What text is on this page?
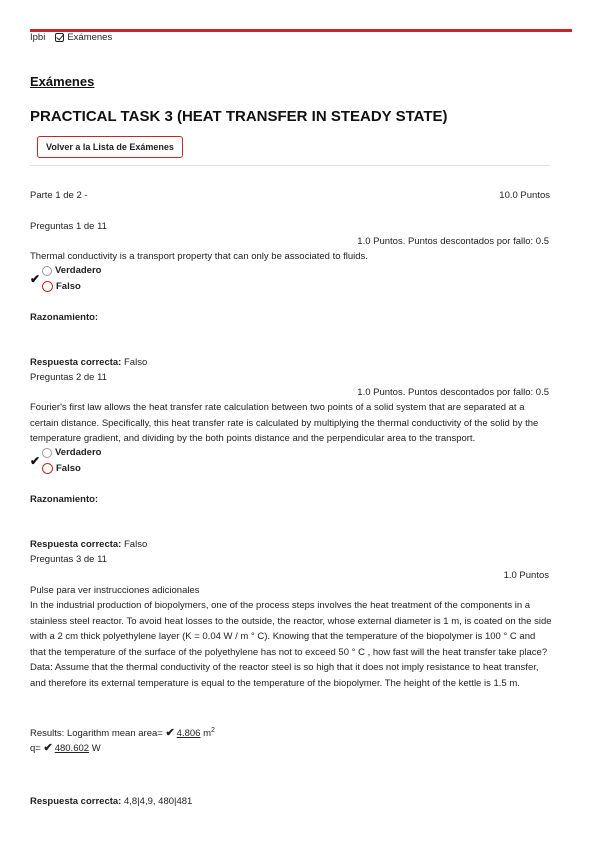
Ipbi Exámenes
Exámenes
PRACTICAL TASK 3 (HEAT TRANSFER IN STEADY STATE)
Volver a la Lista de Exámenes
Parte 1 de 2 -	10.0 Puntos
Preguntas 1 de 11
1.0 Puntos. Puntos descontados por fallo: 0.5
Thermal conductivity is a transport property that can only be associated to fluids.
Verdadero
✔
Falso
Razonamiento:
Respuesta correcta: Falso
Preguntas 2 de 11
1.0 Puntos. Puntos descontados por fallo: 0.5
Fourier's first law allows the heat transfer rate calculation between two points of a solid system that are separated at a certain distance. Specifically, this heat transfer rate is calculated by multiplying the thermal conductivity of the solid by the temperature gradient, and dividing by the both points distance and the perpendicular area to the transport.
Verdadero
✔
Falso
Razonamiento:
Respuesta correcta: Falso
Preguntas 3 de 11
1.0 Puntos
Pulse para ver instrucciones adicionales
In the industrial production of biopolymers, one of the process steps involves the heat treatment of the components in a stainless steel reactor. To avoid heat losses to the outside, the reactor, whose external diameter is 1 m, is coated on the side with a 2 cm thick polyethylene layer (K = 0.04 W / m ° C). Knowing that the temperature of the biopolymer is 100 ° C and that the temperature of the surface of the polyethylene has not to exceed 50 ° C , how fast will the heat transfer take place? Data: Assume that the thermal conductivity of the reactor steel is so high that it does not imply resistance to heat transfer, and therefore its external temperature is equal to the temperature of the biopolymer. The height of the kettle is 1.5 m.
Results: Logarithm mean area= ✔ 4.806 $m^2$
q= ✔ 480.602 W
Respuesta correcta: 4,8|4,9, 480|481
